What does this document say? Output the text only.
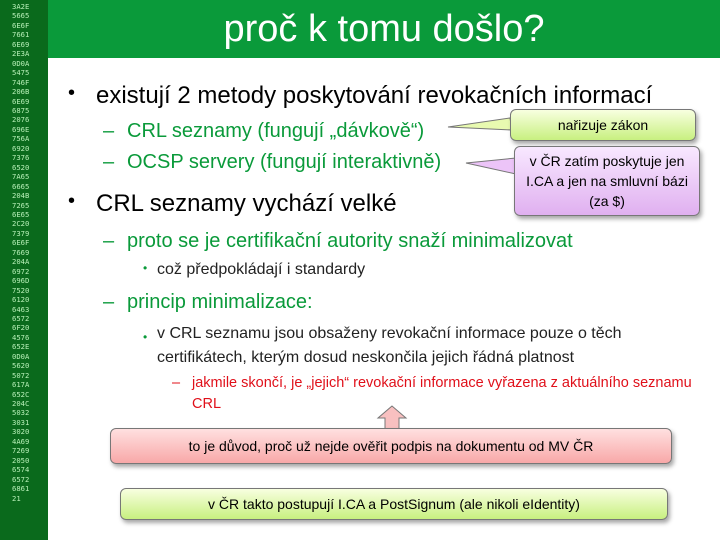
3A2E
5665
6E6F
7661
6E69
2E3A
0D0A
5475
746F
206B
6E69
6875
2076
696E
756A
6920
7376
6520
7A65
6665
204B
7265
6E65
2C20
7379
6E6F
7669
204A
6972
696D
7520
6120
6463
6572
6F20
4576
652E
0D0A
5620
5072
617A
652C
204C
5032
3031
3020
4A69
7269
2050
6574
6572
6861
21
proč k tomu došlo?
• existují 2 metody poskytování revokačních informací
– CRL seznamy (fungují „dávkově“)
– OCSP servery (fungují interaktivně)
• CRL seznamy vychází velké
– proto se je certifikační autority snaží minimalizovat
• což předpokládají i standardy
– princip minimalizace:
• v CRL seznamu jsou obsaženy revokační informace pouze o těch certifikátech, kterým dosud neskončila jejich řádná platnost
– jakmile skončí, je „jejich“ revokační informace vyřazena z aktuálního seznamu CRL
nařizuje zákon
v ČR zatím poskytuje jen I.CA a jen na smluvní bázi (za $)
to je důvod, proč už nejde ověřit podpis na dokumentu od MV ČR
v ČR takto postupují I.CA a PostSignum (ale nikoli eIdentity)
